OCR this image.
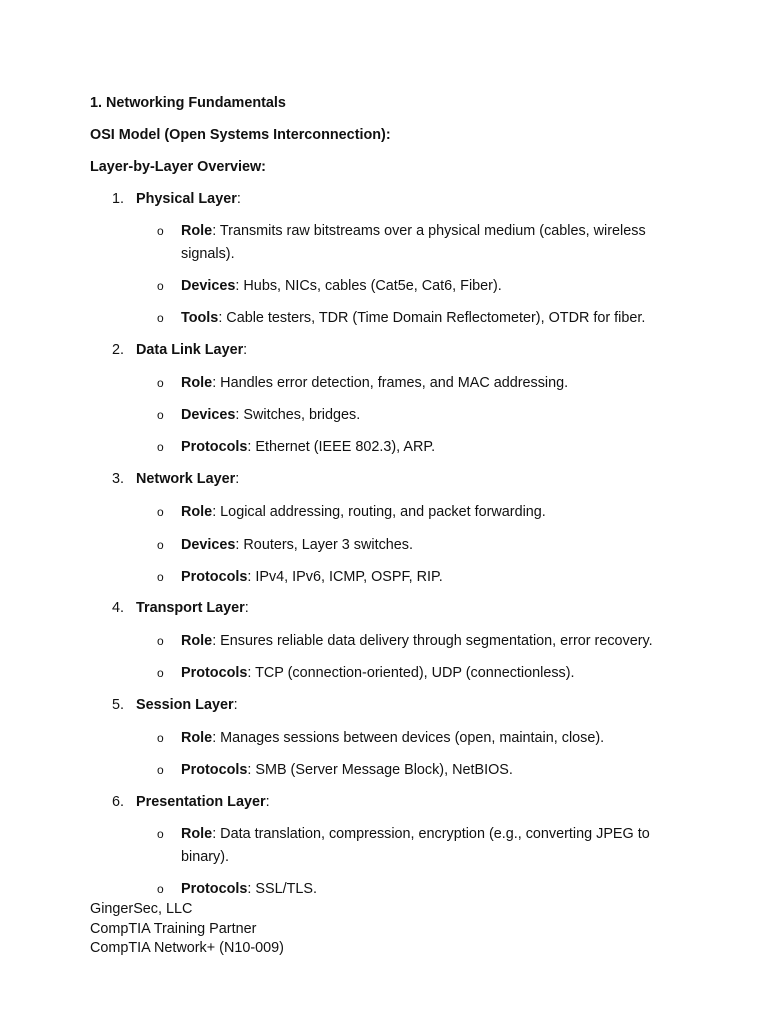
1. Networking Fundamentals
OSI Model (Open Systems Interconnection):
Layer-by-Layer Overview:
1. Physical Layer:
o Role: Transmits raw bitstreams over a physical medium (cables, wireless signals).
o Devices: Hubs, NICs, cables (Cat5e, Cat6, Fiber).
o Tools: Cable testers, TDR (Time Domain Reflectometer), OTDR for fiber.
2. Data Link Layer:
o Role: Handles error detection, frames, and MAC addressing.
o Devices: Switches, bridges.
o Protocols: Ethernet (IEEE 802.3), ARP.
3. Network Layer:
o Role: Logical addressing, routing, and packet forwarding.
o Devices: Routers, Layer 3 switches.
o Protocols: IPv4, IPv6, ICMP, OSPF, RIP.
4. Transport Layer:
o Role: Ensures reliable data delivery through segmentation, error recovery.
o Protocols: TCP (connection-oriented), UDP (connectionless).
5. Session Layer:
o Role: Manages sessions between devices (open, maintain, close).
o Protocols: SMB (Server Message Block), NetBIOS.
6. Presentation Layer:
o Role: Data translation, compression, encryption (e.g., converting JPEG to binary).
o Protocols: SSL/TLS.
GingerSec, LLC
CompTIA Training Partner
CompTIA Network+ (N10-009)
